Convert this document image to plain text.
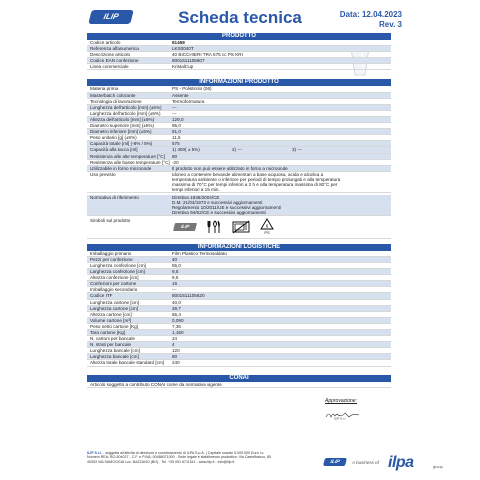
ILIP	Scheda tecnica	Data: 12.04.2023
Rev. 3
PRODOTTO
Codice articolo	61468
Referenza alfanumerica	LKS0040T
Descrizione articolo	40 BICCHIERI TRA 575 cc PS KRI
Codice EAN confezione	8001511105607
Linea commerciale	KristalCup
INFORMAZIONI PRODOTTO
Materia prima	PS - Polistirolo (06)
Masterbatch colorante	Assente
Tecnologia di lavorazione	Termoformatura
Lunghezza dell'articolo [mm] (±5%)	---
Larghezza dell'articolo [mm] (±5%)	---
Altezza dell'articolo [mm] (±5%)	129,0
Diametro superiore [mm] (±5%)	95,0
Diametro inferiore [mm] (±5%)	61,0
Peso unitario [g] (±5%)	11,5
Capacità totale [ml] (-8% / 5%)	575
Capacità alla tacca [ml]	1) 400( ± 5%)	2) ---	3) ---
Resistenza alle alte temperature [°C]	80
Resistenza alle basse temperature [°C] -20
Utilizzabile in forno microonde	Il prodotto non può essere utilizzato in forno a microonde
Uso previsto	Idoneo a contenere bevande alimentari a base acquosa, acida e alcolica a
temperatura ambiente o inferiore per periodi di tempo prolungati e alla temperatura
massima di 70°C per tempi inferiori a 2 h e alla temperatura massima di 80°C per
tempi inferiori a 15 min.
Normativa di riferimento	Direttiva 1935/2004/CE
D.M. 21/03/1973 e successivi aggiornamenti
Regolamento 10/2011/UE e successivi aggiornamenti
Direttiva 94/62/CE e successivi aggiornamenti
Simboli sul prodotto
ILIP	6
PS
INFORMAZIONI LOGISTICHE
Imballaggio primario	Film Plastico Termosaldato
Pezzi per confezione	40
Lunghezza confezione [cm]	55,0
Larghezza confezione [cm]	9,5
Altezza confezione [cm]	9,5
Confezioni per cartone	16
Imballaggio secondario	---
Codice ITF	8001511105620
Lunghezza cartone [cm]	40,0
Larghezza cartone [cm]	39,7
Altezza cartone [cm]	56,4
Volume cartone [m³]	0,090
Peso netto cartone [Kg]	7,36
Tara cartone [Kg]	1,160
N. cartoni per bancale	24
N. strati per bancale	4
Lunghezza bancale [cm]	120
Larghezza bancale [cm]	80
Altezza totale bancale standard [cm]	240
CONAI
Articolo soggetto a contributo CONAI come da normativa vigente
Approvazione:
ILIP S.r.l.
ILIP S.r.l. - soggetta all'attività di direzione e coordinamento di ILPA S.p.A. | Capitale sociale 5.000.000 Euro i.v.
Numero REA: BO-504027 - C.F. e P.IVA: 00488071000 - Sede legale e stabilimento produttivo: Via Castelfranco, 80
40053 VALSAMOGGIA Loc. BAZZANO (BO) - Tel. +39 051 6711511 - www.ilip.it - info@ilip.it	ILIP	A business of ilpa	group
